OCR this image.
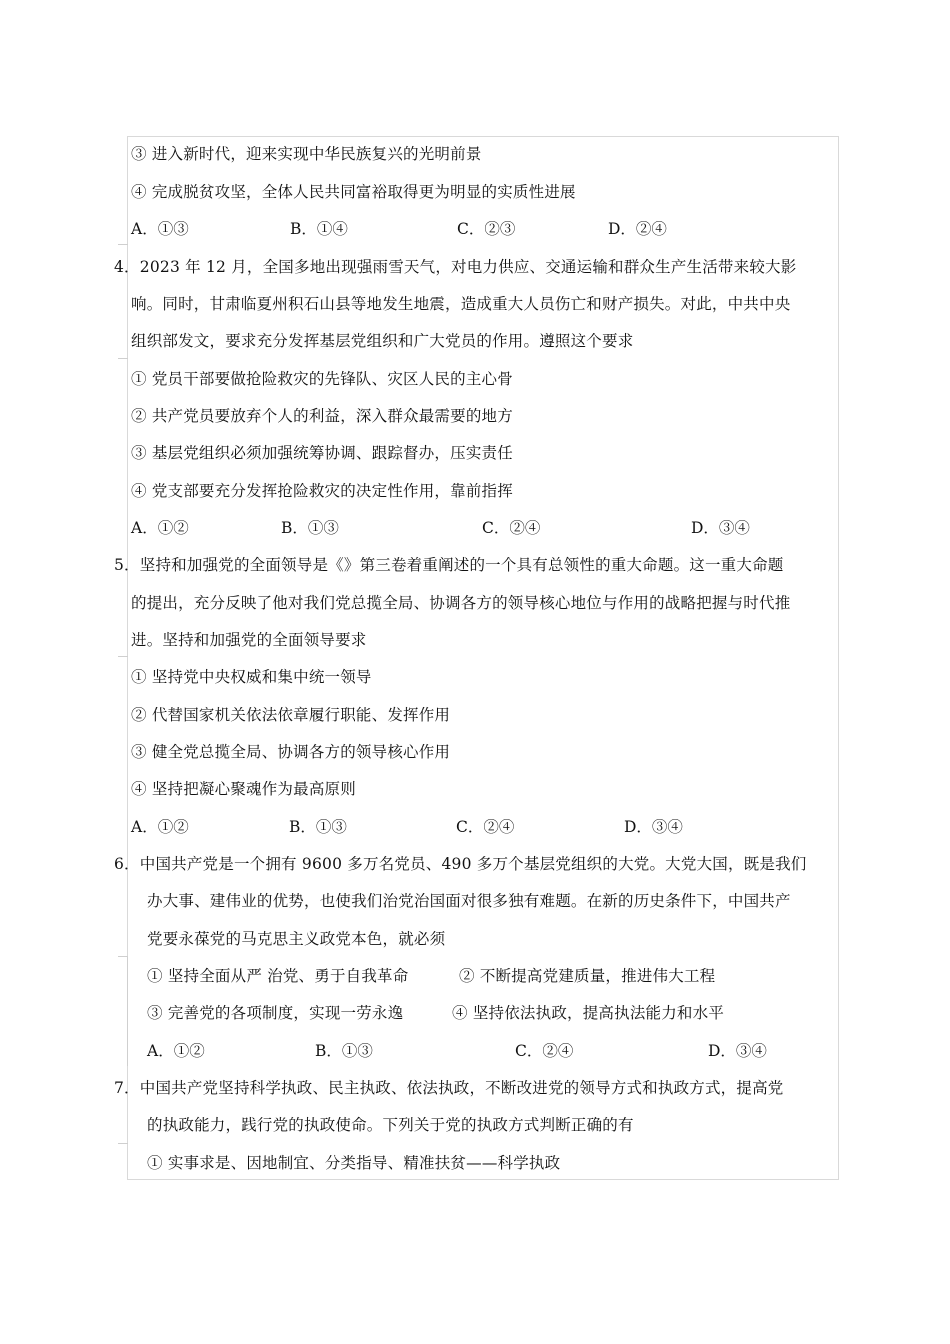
③ 进入新时代，迎来实现中华民族复兴的光明前景
④ 完成脱贫攻坚，全体人民共同富裕取得更为明显的实质性进展
A．①③	B．①④	C．②③	D．②④
4．2023 年 12 月，全国多地出现强雨雪天气，对电力供应、交通运输和群众生产生活带来较大影
响。同时，甘肃临夏州积石山县等地发生地震，造成重大人员伤亡和财产损失。对此，中共中央
组织部发文，要求充分发挥基层党组织和广大党员的作用。遵照这个要求
① 党员干部要做抢险救灾的先锋队、灾区人民的主心骨
② 共产党员要放弃个人的利益，深入群众最需要的地方
③ 基层党组织必须加强统筹协调、跟踪督办，压实责任
④ 党支部要充分发挥抢险救灾的决定性作用，靠前指挥
A．①②	B．①③	C．②④	D．③④
5．坚持和加强党的全面领导是《》第三卷着重阐述的一个具有总领性的重大命题。这一重大命题
的提出，充分反映了他对我们党总揽全局、协调各方的领导核心地位与作用的战略把握与时代推
进。坚持和加强党的全面领导要求
① 坚持党中央权威和集中统一领导
② 代替国家机关依法依章履行职能、发挥作用
③ 健全党总揽全局、协调各方的领导核心作用
④ 坚持把凝心聚魂作为最高原则
A．①②	B．①③	C．②④	D．③④
6．中国共产党是一个拥有 9600 多万名党员、490 多万个基层党组织的大党。大党大国，既是我们
办大事、建伟业的优势，也使我们治党治国面对很多独有难题。在新的历史条件下，中国共产
党要永葆党的马克思主义政党本色，就必须
① 坚持全面从严 治党、勇于自我革命	② 不断提高党建质量，推进伟大工程
③ 完善党的各项制度，实现一劳永逸	④ 坚持依法执政，提高执法能力和水平
A．①②	B．①③	C．②④	D．③④
7．中国共产党坚持科学执政、民主执政、依法执政，不断改进党的领导方式和执政方式，提高党
的执政能力，践行党的执政使命。下列关于党的执政方式判断正确的有
① 实事求是、因地制宜、分类指导、精准扶贫——科学执政
